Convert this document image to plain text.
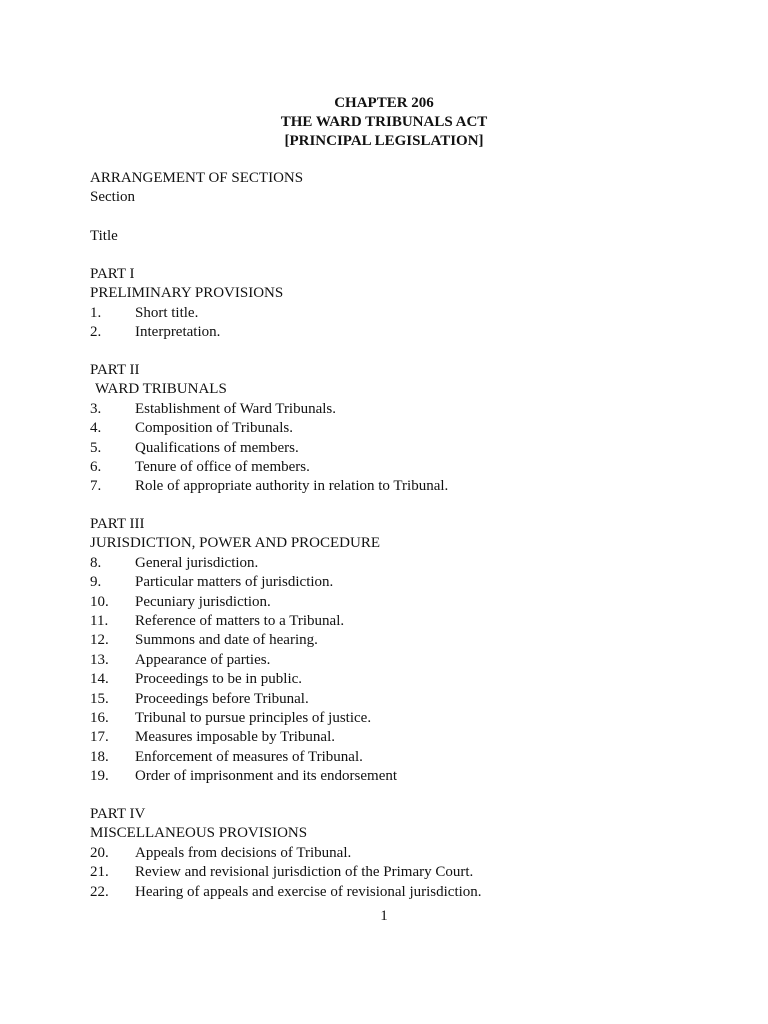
CHAPTER 206
THE WARD TRIBUNALS ACT
[PRINCIPAL LEGISLATION]
ARRANGEMENT OF SECTIONS
Section
Title
PART I
PRELIMINARY PROVISIONS
1. Short title.
2. Interpretation.
PART II
WARD TRIBUNALS
3. Establishment of Ward Tribunals.
4. Composition of Tribunals.
5. Qualifications of members.
6. Tenure of office of members.
7. Role of appropriate authority in relation to Tribunal.
PART III
JURISDICTION, POWER AND PROCEDURE
8. General jurisdiction.
9. Particular matters of jurisdiction.
10. Pecuniary jurisdiction.
11. Reference of matters to a Tribunal.
12. Summons and date of hearing.
13. Appearance of parties.
14. Proceedings to be in public.
15. Proceedings before Tribunal.
16. Tribunal to pursue principles of justice.
17. Measures imposable by Tribunal.
18. Enforcement of measures of Tribunal.
19. Order of imprisonment and its endorsement
PART IV
MISCELLANEOUS PROVISIONS
20. Appeals from decisions of Tribunal.
21. Review and revisional jurisdiction of the Primary Court.
22. Hearing of appeals and exercise of revisional jurisdiction.
1
